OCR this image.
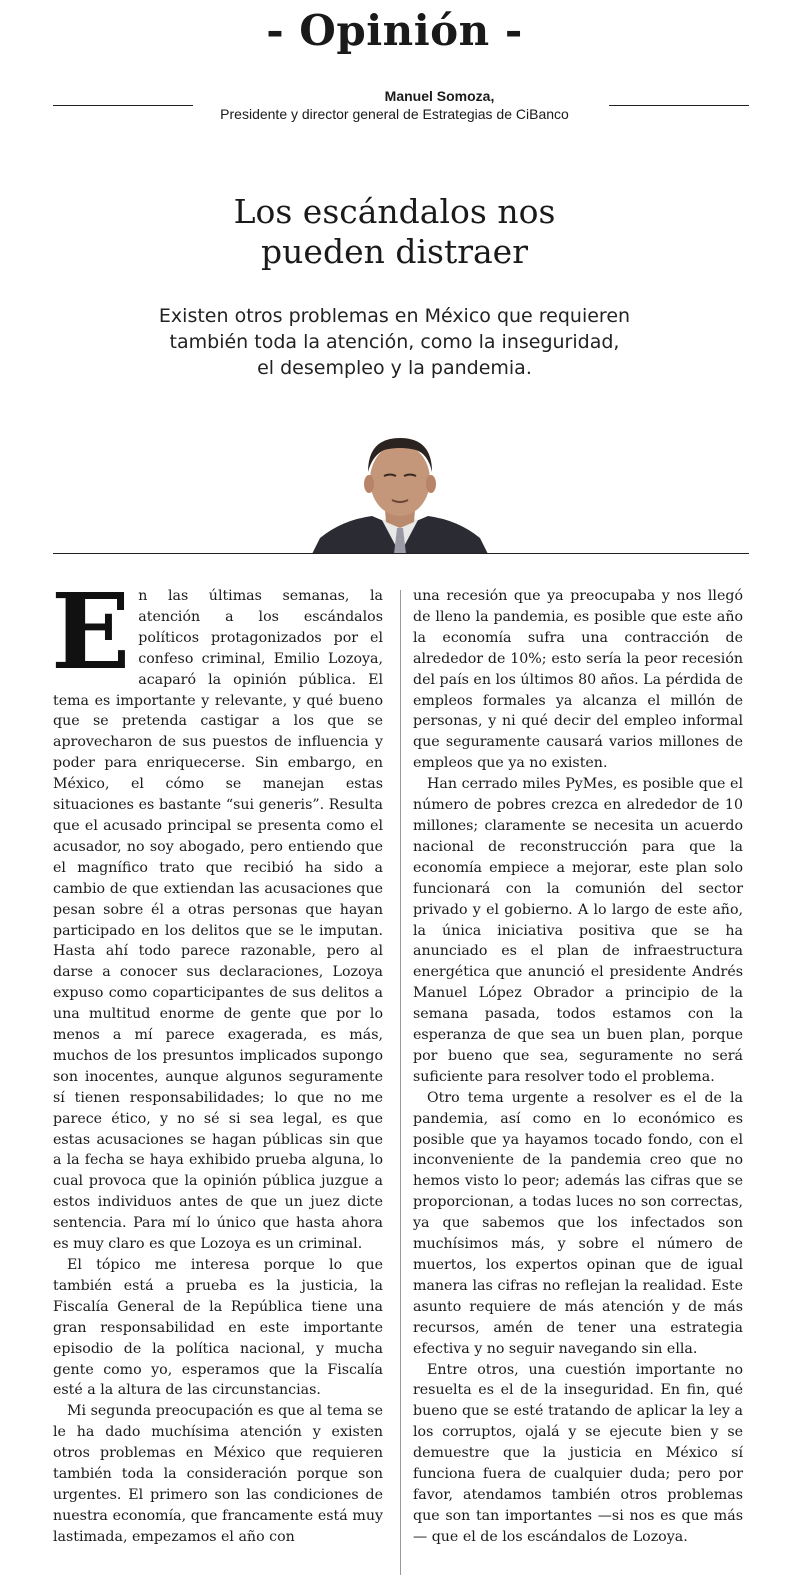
- Opinión -
Manuel Somoza,
Presidente y director general de Estrategias de CiBanco
Los escándalos nos
pueden distraer
Existen otros problemas en México que requieren
también toda la atención, como la inseguridad,
el desempleo y la pandemia.

En las últimas semanas, la atención a los escándalos políticos protagonizados por el confeso criminal, Emilio Lozoya, acaparó la opinión pública. El tema es importante y relevante, y qué bueno que se pretenda castigar a los que se aprovecharon de sus puestos de influencia y poder para enriquecerse. Sin embargo, en México, el cómo se manejan estas situaciones es bastante “sui generis”. Resulta que el acusado principal se presenta como el acusador, no soy abogado, pero entiendo que el magnífico trato que recibió ha sido a cambio de que extiendan las acusaciones que pesan sobre él a otras personas que hayan participado en los delitos que se le imputan. Hasta ahí todo parece razonable, pero al darse a conocer sus declaraciones, Lozoya expuso como coparticipantes de sus delitos a una multitud enorme de gente que por lo menos a mí parece exagerada, es más, muchos de los presuntos implicados supongo son inocentes, aunque algunos seguramente sí tienen responsabilidades; lo que no me parece ético, y no sé si sea legal, es que estas acusaciones se hagan públicas sin que a la fecha se haya exhibido prueba alguna, lo cual provoca que la opinión pública juzgue a estos individuos antes de que un juez dicte sentencia. Para mí lo único que hasta ahora es muy claro es que Lozoya es un criminal.

El tópico me interesa porque lo que también está a prueba es la justicia, la Fiscalía General de la República tiene una gran responsabilidad en este importante episodio de la política nacional, y mucha gente como yo, esperamos que la Fiscalía esté a la altura de las circunstancias.

Mi segunda preocupación es que al tema se le ha dado muchísima atención y existen otros problemas en México que requieren también toda la consideración porque son urgentes. El primero son las condiciones de nuestra economía, que francamente está muy lastimada, empezamos el año con

una recesión que ya preocupaba y nos llegó de lleno la pandemia, es posible que este año la economía sufra una contracción de alrededor de 10%; esto sería la peor recesión del país en los últimos 80 años. La pérdida de empleos formales ya alcanza el millón de personas, y ni qué decir del empleo informal que seguramente causará varios millones de empleos que ya no existen.

Han cerrado miles PyMes, es posible que el número de pobres crezca en alrededor de 10 millones; claramente se necesita un acuerdo nacional de reconstrucción para que la economía empiece a mejorar, este plan solo funcionará con la comunión del sector privado y el gobierno. A lo largo de este año, la única iniciativa positiva que se ha anunciado es el plan de infraestructura energética que anunció el presidente Andrés Manuel López Obrador a principio de la semana pasada, todos estamos con la esperanza de que sea un buen plan, porque por bueno que sea, seguramente no será suficiente para resolver todo el problema.

Otro tema urgente a resolver es el de la pandemia, así como en lo económico es posible que ya hayamos tocado fondo, con el inconveniente de la pandemia creo que no hemos visto lo peor; además las cifras que se proporcionan, a todas luces no son correctas, ya que sabemos que los infectados son muchísimos más, y sobre el número de muertos, los expertos opinan que de igual manera las cifras no reflejan la realidad. Este asunto requiere de más atención y de más recursos, amén de tener una estrategia efectiva y no seguir navegando sin ella.

Entre otros, una cuestión importante no resuelta es el de la inseguridad. En fin, qué bueno que se esté tratando de aplicar la ley a los corruptos, ojalá y se ejecute bien y se demuestre que la justicia en México sí funciona fuera de cualquier duda; pero por favor, atendamos también otros problemas que son tan importantes —si nos es que más— que el de los escándalos de Lozoya.
